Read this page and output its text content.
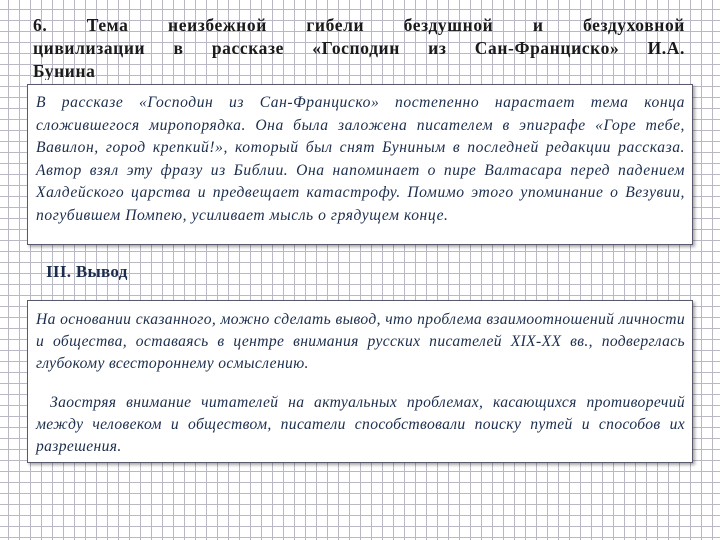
6. Тема неизбежной гибели бездушной и бездуховной
цивилизации в рассказе «Господин из Сан-Франциско» И.А.
Бунина
В рассказе «Господин из Сан-Франциско» постепенно нарастает тема конца сложившегося миропорядка. Она была заложена писателем в эпиграфе «Горе тебе, Вавилон, город крепкий!», который был снят Буниным в последней редакции рассказа. Автор взял эту фразу из Библии. Она напоминает о пире Валтасара перед падением Халдейского царства и предвещает катастрофу. Помимо этого упоминание о Везувии, погубившем Помпею, усиливает мысль о грядущем конце.
III. Вывод

На основании сказанного, можно сделать вывод, что проблема взаимоотношений личности и общества, оставаясь в центре внимания русских писателей XIX-XX вв., подверглась глубокому всестороннему осмыслению.

Заостряя внимание читателей на актуальных проблемах, касающихся противоречий между человеком и обществом, писатели способствовали поиску путей и способов их разрешения.
